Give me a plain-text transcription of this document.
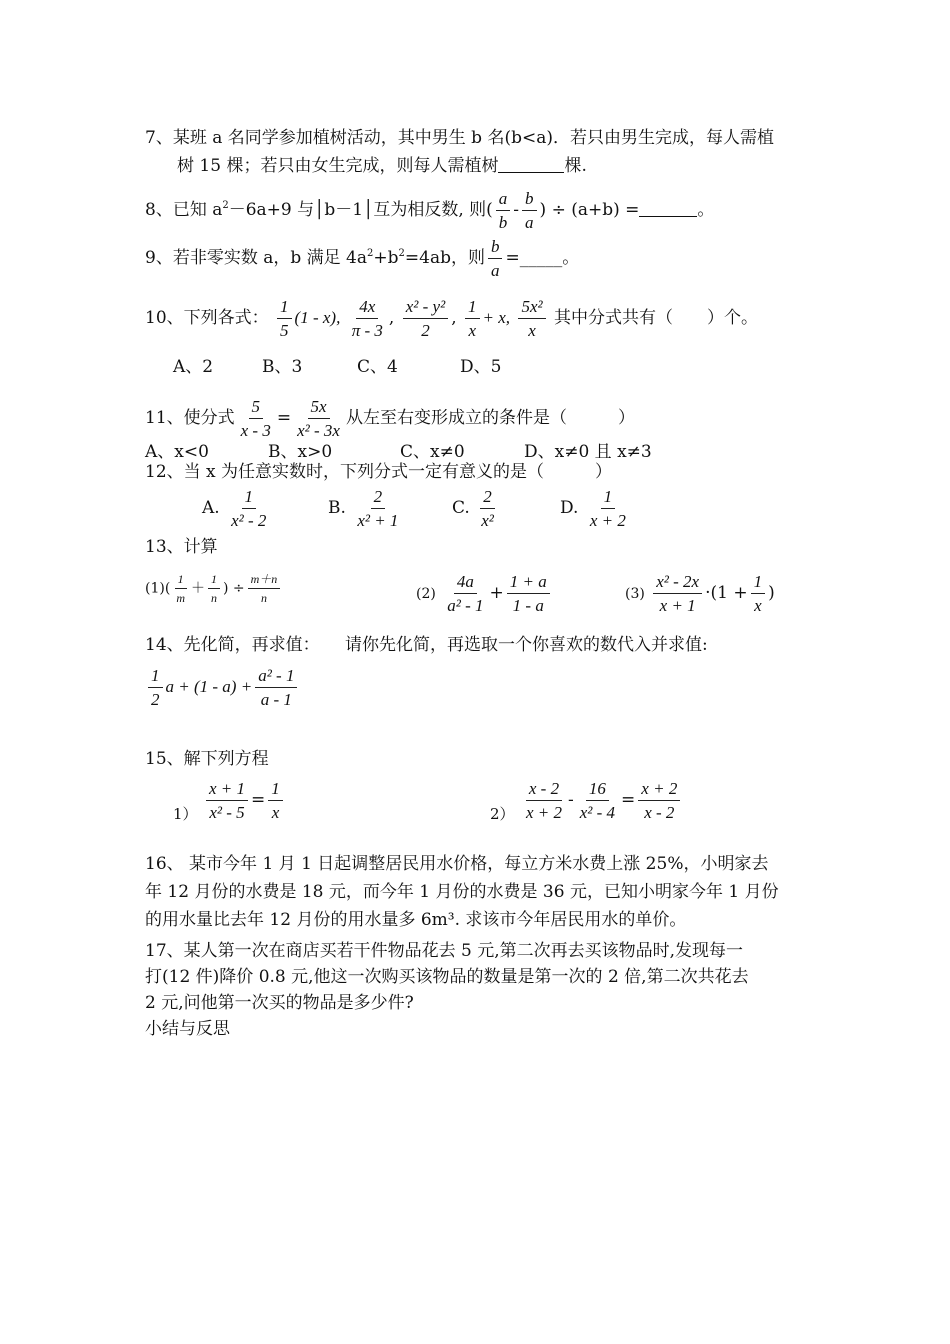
7、某班 a 名同学参加植树活动，其中男生 b 名(b<a)．若只由男生完成，每人需植
树 15 棵；若只由女生完成，则每人需植树	棵.
8、已知 $a^2-6a+9$ 与│b－1│互为相反数, 则( $\frac{a}{b} - \frac{b}{a}$ ) ÷ (a+b) =	。
9、若非零实数 a，b 满足 $4a^2+b^2=4ab$，则 $\frac{b}{a}$ =_____。
10、下列各式： $\frac{1}{5} (1 - x)$, $\frac{4x}{\pi - 3}$ , $\frac{\text{x² - y²}}{2}$ , $\frac{1}{x} + x$, $\frac{\text{5x²}}{x}$ 其中分式共有（　　）个。
A、2	B、3	C、4	D、5
11、使分式 $\frac{5}{x - 3} = \frac{5x}{\text{x² - 3x}}$ 从左至右变形成立的条件是（　　　）
A、x<0	B、x>0	C、x≠0	D、x≠0 且 x≠3
12、当 x 为任意实数时，下列分式一定有意义的是（　　　）
A. $\frac{1}{\text{x² - 2}}$	B. $\frac{2}{\text{x² + 1}}$	C. $\frac{2}{\text{x²}}$	D. $\frac{1}{x + 2}$
13、计算
$(1)( \frac{1}{m} + \frac{1}{n}$ ) ÷ $\frac{m+n}{n}$	$(2) \frac{4a}{\text{a² - 1}} + \frac{1 + a}{1 - a}$	$(3) \frac{\text{x² - 2x}}{x + 1} \cdot(1 + \frac{1}{x}$ )
14、先化简，再求值： 请你先化简，再选取一个你喜欢的数代入并求值:
$\frac{1}{2}$ $a + (1 - a) + \frac{\text{a² - 1}}{a - 1}$
15、解下列方程
$1) \frac{x + 1}{\text{x² - 5}} = \frac{1}{x}$	$2) \frac{x - 2}{x + 2} - \frac{16}{\text{x² - 4}} = \frac{x + 2}{x - 2}$
16、 某市今年 1 月 1 日起调整居民用水价格，每立方米水费上涨 25%，小明家去
年 12 月份的水费是 18 元，而今年 1 月份的水费是 36 元，已知小明家今年 1 月份
的用水量比去年 12 月份的用水量多 6m³. 求该市今年居民用水的单价。
17、某人第一次在商店买若干件物品花去 5 元,第二次再去买该物品时,发现每一
打(12 件)降价 0.8 元,他这一次购买该物品的数量是第一次的 2 倍,第二次共花去
2 元,问他第一次买的物品是多少件?
小结与反思
